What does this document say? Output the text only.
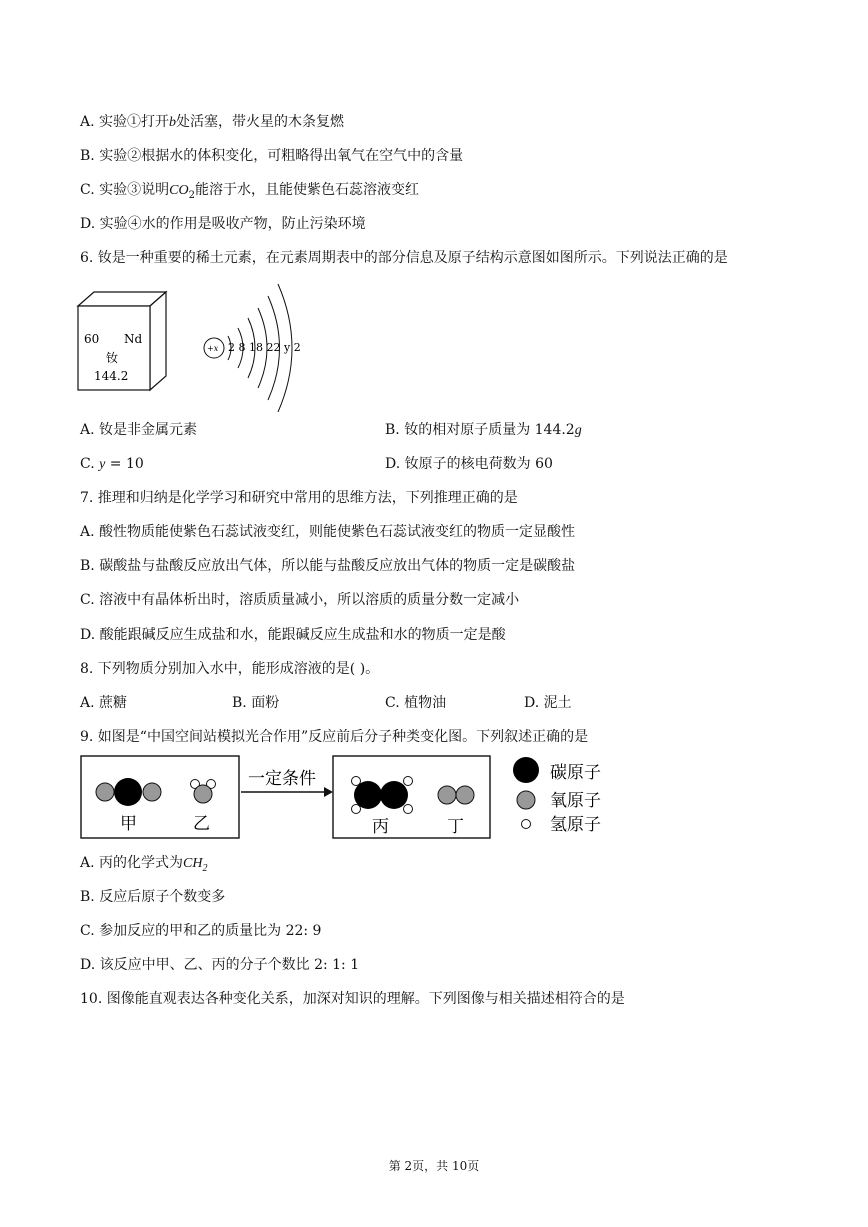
A. 实验①打开b处活塞，带火星的木条复燃
B. 实验②根据水的体积变化，可粗略得出氧气在空气中的含量
C. 实验③说明$CO_2$能溶于水，且能使紫色石蕊溶液变红
D. 实验④水的作用是吸收产物，防止污染环境
6. 钕是一种重要的稀土元素，在元素周期表中的部分信息及原子结构示意图如图所示。下列说法正确的是
60 Nd
钕
144.2
+x 2 8 18 22 y 2
A. 钕是非金属元素	B. 钕的相对原子质量为 144.2g
C. y = 10	D. 钕原子的核电荷数为 60
7. 推理和归纳是化学学习和研究中常用的思维方法，下列推理正确的是
A. 酸性物质能使紫色石蕊试液变红，则能使紫色石蕊试液变红的物质一定显酸性
B. 碳酸盐与盐酸反应放出气体，所以能与盐酸反应放出气体的物质一定是碳酸盐
C. 溶液中有晶体析出时，溶质质量减小，所以溶质的质量分数一定减小
D. 酸能跟碱反应生成盐和水，能跟碱反应生成盐和水的物质一定是酸
8. 下列物质分别加入水中，能形成溶液的是( )。
A. 蔗糖	B. 面粉	C. 植物油	D. 泥土
9. 如图是“中国空间站模拟光合作用”反应前后分子种类变化图。下列叙述正确的是
甲	乙
一定条件
丙	丁
碳原子
氧原子
氢原子
A. 丙的化学式为$CH_2$
B. 反应后原子个数变多
C. 参加反应的甲和乙的质量比为 22: 9
D. 该反应中甲、乙、丙的分子个数比 2: 1: 1
10. 图像能直观表达各种变化关系，加深对知识的理解。下列图像与相关描述相符合的是
第 2页，共 10页
